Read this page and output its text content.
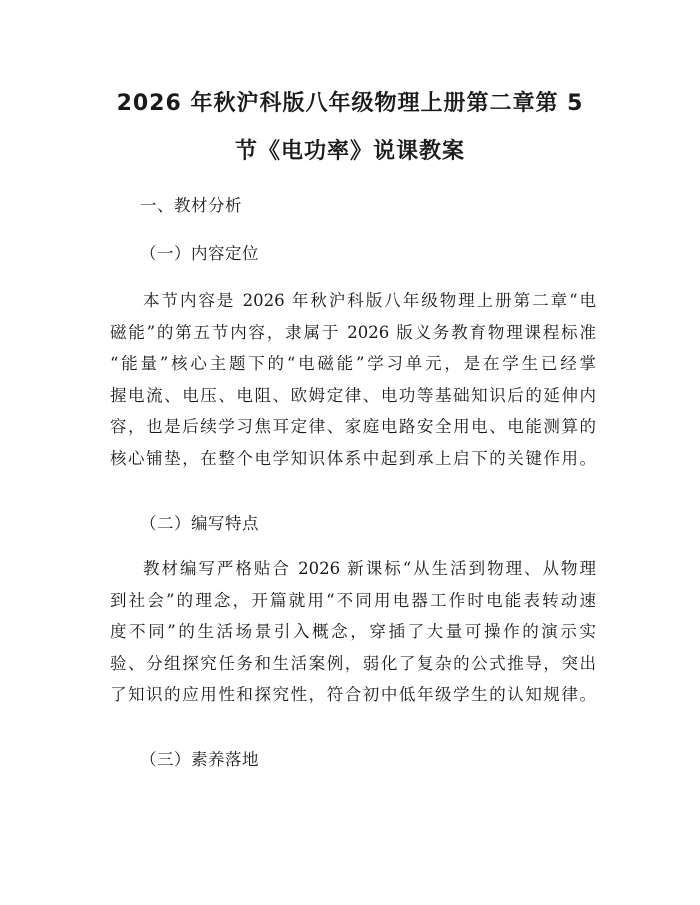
2026 年秋沪科版八年级物理上册第二章第 5
节《电功率》说课教案
一、教材分析
（一）内容定位
本节内容是 2026 年秋沪科版八年级物理上册第二章“电
磁能”的第五节内容，隶属于 2026 版义务教育物理课程标准
“能量”核心主题下的“电磁能”学习单元，是在学生已经掌
握电流、电压、电阻、欧姆定律、电功等基础知识后的延伸内
容，也是后续学习焦耳定律、家庭电路安全用电、电能测算的
核心铺垫，在整个电学知识体系中起到承上启下的关键作用。
（二）编写特点
教材编写严格贴合 2026 新课标“从生活到物理、从物理
到社会”的理念，开篇就用“不同用电器工作时电能表转动速
度不同”的生活场景引入概念，穿插了大量可操作的演示实
验、分组探究任务和生活案例，弱化了复杂的公式推导，突出
了知识的应用性和探究性，符合初中低年级学生的认知规律。
（三）素养落地
